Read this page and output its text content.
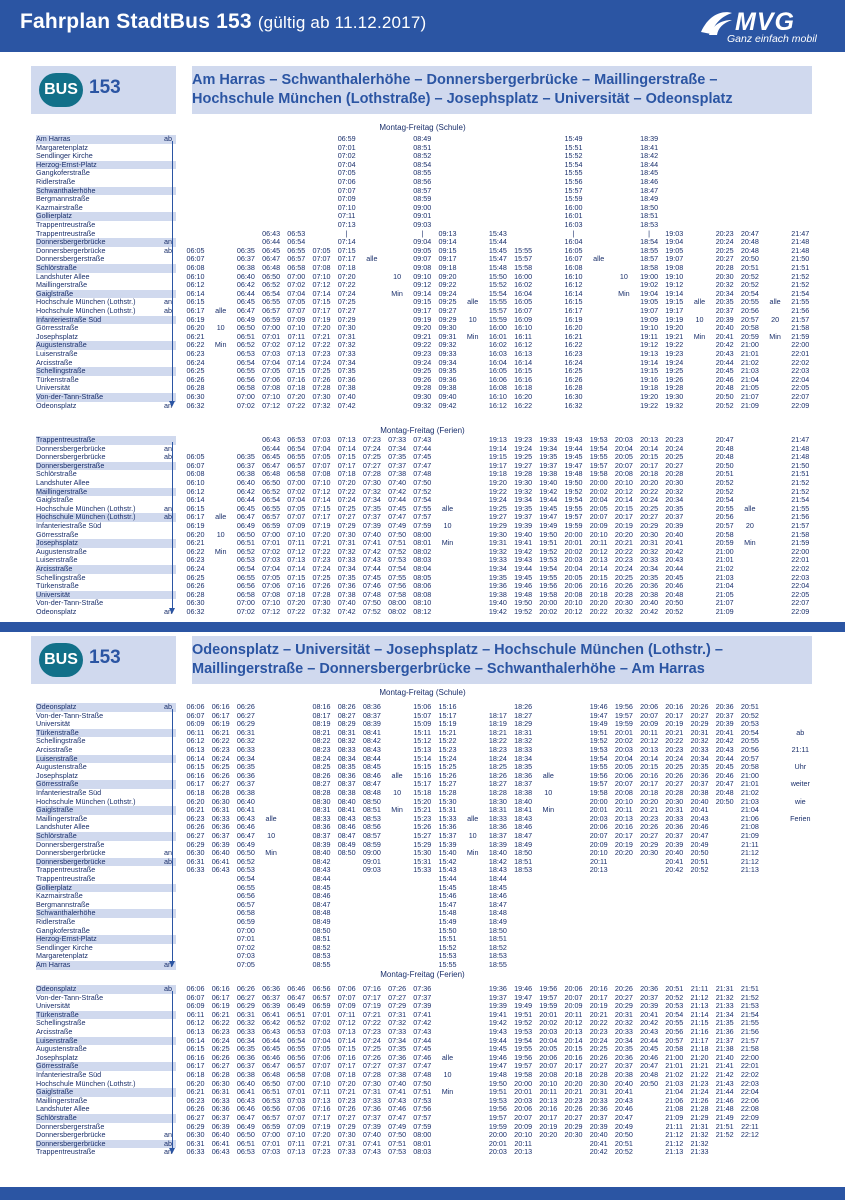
Fahrplan StadtBus 153 (gültig ab 11.12.2017)	MVG
Ganz einfach mobil
BUS 153	Am Harras – Schwanthalerhöhe – Donnersbergerbrücke – Maillingerstraße –
Hochschule München (Lothstraße) – Josephsplatz – Universität – Odeonsplatz
Montag-Freitag (Schule)
Am Harras	ab	06:59	08:49	15:49	18:39
Margaretenplatz	07:01	08:51	15:51	18:41
Sendlinger Kirche	07:02	08:52	15:52	18:42
Herzog-Ernst-Platz	07:04	08:54	15:54	18:44
Gangkoferstraße	07:05	08:55	15:55	18:45
Ridlerstraße	07:06	08:56	15:56	18:46
Schwanthalerhöhe	07:07	08:57	15:57	18:47
Bergmannstraße	07:09	08:59	15:59	18:49
Kazmairstraße	07:10	09:00	16:00	18:50
Gollierplatz	07:11	09:01	16:01	18:51
Trappentreustraße	07:13	09:03	16:03	18:53
Trappentreustraße	06:43	06:53	|	|	09:13	15:43	|	|	19:03	20:23	20:47	21:47
Donnersbergerbrücke	an	06:44	06:54	07:14	09:04	09:14	15:44	16:04	18:54	19:04	20:24	20:48	21:48
Donnersbergerbrücke	ab	06:05	06:35	06:45	06:55	07:05 07:15	09:05	09:15	15:45	15:55	16:05	18:55	19:05	20:25	20:48	21:48
Donnersbergerstraße	06:07	06:37	06:47	06:57	07:07 07:17	alle	09:07	09:17	15:47	15:57	16:07	alle	18:57	19:07	20:27	20:50	21:50
Schlörstraße	06:08	06:38	06:48	06:58	07:08 07:18	09:08	09:18	15:48	15:58	16:08	18:58	19:08	20:28	20:51	21:51
Landshuter Allee	06:10	06:40	06:50	07:00	07:10 07:20	10	09:10	09:20	15:50	16:00	16:10	10	19:00	19:10	20:30	20:52	21:52
Maillingerstraße	06:12	06:42	06:52	07:02	07:12 07:22	09:12	09:22	15:52	16:02	16:12	19:02	19:12	20:32	20:52	21:52
Gaiglstraße	06:14	06:44	06:54	07:04	07:14 07:24	Min	09:14	09:24	15:54	16:04	16:14	Min	19:04	19:14	20:34	20:54	21:54
Hochschule München (Lothstr.)	an	06:15	06:45	06:55	07:05	07:15 07:25	09:15	09:25	alle	15:55	16:05	16:15	19:05	19:15	alle	20:35	20:55	alle	21:55
Hochschule München (Lothstr.)	ab	06:17	alle	06:47	06:57	07:07	07:17 07:27	09:17	09:27	15:57	16:07	16:17	19:07	19:17	20:37	20:56	21:56
Infanteriestraße Süd	06:19	06:49	06:59	07:09	07:19 07:29	09:19	09:29	10	15:59	16:09	16:19	19:09	19:19	10	20:39	20:57	20	21:57
Görresstraße	06:20	10	06:50	07:00	07:10	07:20 07:30	09:20	09:30	16:00	16:10	16:20	19:10	19:20	20:40	20:58	21:58
Josephsplatz	06:21	06:51	07:01	07:11	07:21 07:31	09:21	09:31	Min	16:01	16:11	16:21	19:11	19:21	Min	20:41	20:59	Min	21:59
Augustenstraße	06:22	Min	06:52	07:02	07:12	07:22 07:32	09:22	09:32	16:02	16:12	16:22	19:12	19:22	20:42	21:00	22:00
Luisenstraße	06:23	06:53	07:03	07:13	07:23 07:33	09:23	09:33	16:03	16:13	16:23	19:13	19:23	20:43	21:01	22:01
Arcisstraße	06:24	06:54	07:04	07:14	07:24 07:34	09:24	09:34	16:04	16:14	16:24	19:14	19:24	20:44	21:02	22:02
Schellingstraße	06:25	06:55	07:05	07:15	07:25 07:35	09:25	09:35	16:05	16:15	16:25	19:15	19:25	20:45	21:03	22:03
Türkenstraße	06:26	06:56	07:06	07:16	07:26 07:36	09:26	09:36	16:06	16:16	16:26	19:16	19:26	20:46	21:04	22:04
Universität	06:28	06:58	07:08	07:18	07:28 07:38	09:28	09:38	16:08	16:18	16:28	19:18	19:28	20:48	21:05	22:05
Von-der-Tann-Straße	06:30	07:00	07:10	07:20	07:30 07:40	09:30	09:40	16:10	16:20	16:30	19:20	19:30	20:50	21:07	22:07
Odeonsplatz	an	06:32	07:02	07:12	07:22	07:32 07:42	09:32	09:42	16:12	16:22	16:32	19:22	19:32	20:52	21:09	22:09
Montag-Freitag (Ferien)
Trappentreustraße	06:43	06:53	07:03 07:13	07:23	07:33	07:43	19:13	19:23	19:33	19:43 19:53	20:03	20:13	20:23	20:47	21:47
Donnersbergerbrücke	an	06:44	06:54	07:04 07:14	07:24	07:34	07:44	19:14	19:24	19:34	19:44 19:54	20:04	20:14	20:24	20:48	21:48
Donnersbergerbrücke	ab	06:05	06:35	06:45	06:55	07:05 07:15	07:25	07:35	07:45	19:15	19:25	19:35	19:45 19:55	20:05	20:15	20:25	20:48	21:48
Donnersbergerstraße	06:07	06:37	06:47	06:57	07:07 07:17	07:27	07:37	07:47	19:17	19:27	19:37	19:47 19:57	20:07	20:17	20:27	20:50	21:50
Schlörstraße	06:08	06:38	06:48	06:58	07:08 07:18	07:28	07:38	07:48	19:18	19:28	19:38	19:48 19:58	20:08	20:18	20:28	20:51	21:51
Landshuter Allee	06:10	06:40	06:50	07:00	07:10 07:20	07:30	07:40	07:50	19:20	19:30	19:40	19:50 20:00	20:10	20:20	20:30	20:52	21:52
Maillingerstraße	06:12	06:42	06:52	07:02	07:12 07:22	07:32	07:42	07:52	19:22	19:32	19:42	19:52 20:02	20:12	20:22	20:32	20:52	21:52
Gaiglstraße	06:14	06:44	06:54	07:04	07:14 07:24	07:34	07:44	07:54	19:24	19:34	19:44	19:54 20:04	20:14	20:24	20:34	20:54	21:54
Hochschule München (Lothstr.)	an	06:15	06:45	06:55	07:05	07:15 07:25	07:35	07:45	07:55	alle	19:25	19:35	19:45	19:55 20:05	20:15	20:25	20:35	20:55	alle	21:55
Hochschule München (Lothstr.)	ab	06:17	alle	06:47	06:57	07:07	07:17 07:27	07:37	07:47	07:57	19:27	19:37	19:47	19:57 20:07	20:17	20:27	20:37	20:56	21:56
Infanteriestraße Süd	06:19	06:49	06:59	07:09	07:19 07:29	07:39	07:49	07:59	10	19:29	19:39	19:49	19:59 20:09	20:19	20:29	20:39	20:57	20	21:57
Görresstraße	06:20	10	06:50	07:00	07:10	07:20 07:30	07:40	07:50	08:00	19:30	19:40	19:50	20:00 20:10	20:20	20:30	20:40	20:58	21:58
Josephsplatz	06:21	06:51	07:01	07:11	07:21 07:31	07:41	07:51	08:01	Min	19:31	19:41	19:51	20:01	20:11	20:21	20:31	20:41	20:59	Min	21:59
Augustenstraße	06:22	Min	06:52	07:02	07:12	07:22 07:32	07:42	07:52	08:02	19:32	19:42	19:52	20:02 20:12	20:22	20:32	20:42	21:00	22:00
Luisenstraße	06:23	06:53	07:03	07:13	07:23 07:33	07:43	07:53	08:03	19:33	19:43	19:53	20:03 20:13	20:23	20:33	20:43	21:01	22:01
Arcisstraße	06:24	06:54	07:04	07:14	07:24 07:34	07:44	07:54	08:04	19:34	19:44	19:54	20:04 20:14	20:24	20:34	20:44	21:02	22:02
Schellingstraße	06:25	06:55	07:05	07:15	07:25 07:35	07:45	07:55	08:05	19:35	19:45	19:55	20:05 20:15	20:25	20:35	20:45	21:03	22:03
Türkenstraße	06:26	06:56	07:06	07:16	07:26 07:36	07:46	07:56	08:06	19:36	19:46	19:56	20:06 20:16	20:26	20:36	20:46	21:04	22:04
Universität	06:28	06:58	07:08	07:18	07:28 07:38	07:48	07:58	08:08	19:38	19:48	19:58	20:08 20:18	20:28	20:38	20:48	21:05	22:05
Von-der-Tann-Straße	06:30	07:00	07:10	07:20	07:30 07:40	07:50	08:00	08:10	19:40	19:50	20:00	20:10 20:20	20:30	20:40	20:50	21:07	22:07
Odeonsplatz	an	06:32	07:02	07:12	07:22	07:32 07:42	07:52	08:02	08:12	19:42	19:52	20:02	20:12 20:22	20:32	20:42	20:52	21:09	22:09
BUS 153	Odeonsplatz – Universität – Josephsplatz – Hochschule München (Lothstr.) –
Maillingerstraße – Donnersbergerbrücke – Schwanthalerhöhe – Am Harras
Montag-Freitag (Schule)
Odeonsplatz	ab	06:06 06:16	06:26	08:16 08:26	08:36	15:06	15:16	18:26	19:46	19:56	20:06	20:16	20:26 20:36	20:51
Von-der-Tann-Straße	06:07 06:17	06:27	08:17 08:27	08:37	15:07	15:17	18:17	18:27	19:47	19:57	20:07	20:17	20:27 20:37	20:52
Universität	06:09 06:19	06:29	08:19 08:29	08:39	15:09	15:19	18:19	18:29	19:49	19:59	20:09	20:19	20:29 20:39	20:53
Türkenstraße	06:11	06:21	06:31	08:21 08:31	08:41	15:11	15:21	18:21	18:31	19:51	20:01	20:11	20:21	20:31 20:41	20:54	ab
Schellingstraße	06:12 06:22	06:32	08:22 08:32	08:42	15:12	15:22	18:22	18:32	19:52	20:02	20:12	20:22	20:32 20:42	20:55
Arcisstraße	06:13 06:23	06:33	08:23 08:33	08:43	15:13	15:23	18:23	18:33	19:53	20:03	20:13	20:23	20:33 20:43	20:56	21:11
Luisenstraße	06:14 06:24	06:34	08:24 08:34	08:44	15:14	15:24	18:24	18:34	19:54	20:04	20:14	20:24	20:34 20:44	20:57
Augustenstraße	06:15 06:25	06:35	08:25 08:35	08:45	15:15	15:25	18:25	18:35	19:55	20:05	20:15	20:25	20:35 20:45	20:58	Uhr
Josephsplatz	06:16 06:26	06:36	08:26 08:36	08:46	alle	15:16	15:26	18:26	18:36	alle	19:56	20:06	20:16	20:26	20:36 20:46	21:00
Görresstraße	06:17 06:27	06:37	08:27 08:37	08:47	15:17	15:27	18:27	18:37	19:57	20:07	20:17	20:27	20:37 20:47	21:01	weiter
Infanteriestraße Süd	06:18 06:28	06:38	08:28 08:38	08:48	10	15:18	15:28	18:28	18:38	10	19:58	20:08	20:18	20:28	20:38 20:48	21:02
Hochschule München (Lothstr.)	06:20 06:30	06:40	08:30 08:40	08:50	15:20	15:30	18:30	18:40	20:00	20:10	20:20	20:30	20:40 20:50	21:03	wie
Gaiglstraße	06:21 06:31	06:41	08:31 08:41	08:51	Min	15:21	15:31	18:31	18:41	Min	20:01	20:11	20:21	20:31	20:41	21:04
Maillingerstraße	06:23 06:33	06:43	alle	08:33 08:43	08:53	15:23	15:33	alle	18:33	18:43	20:03	20:13	20:23	20:33	20:43	21:06	Ferien
Landshuter Allee	06:26 06:36	06:46	08:36 08:46	08:56	15:26	15:36	18:36	18:46	20:06	20:16	20:26	20:36	20:46	21:08
Schlörstraße	06:27 06:37	06:47	10	08:37 08:47	08:57	15:27	15:37	10	18:37	18:47	20:07	20:17	20:27	20:37	20:47	21:09
Donnersbergerstraße	06:29 06:39	06:49	08:39 08:49	08:59	15:29	15:39	18:39	18:49	20:09	20:19	20:29	20:39	20:49	21:11
Donnersbergerbrücke	an	06:30 06:40	06:50	Min	08:40 08:50	09:00	15:30	15:40	Min	18:40	18:50	20:10	20:20	20:30	20:40	20:50	21:12
Donnersbergerbrücke	ab	06:31 06:41	06:52	08:42	09:01	15:31	15:42	18:42	18:51	20:11	20:41	20:51	21:12
Trappentreustraße	06:33 06:43	06:53	08:43	09:03	15:33	15:43	18:43	18:53	20:13	20:42	20:52	21:13
Trappentreustraße	06:54	08:44	15:44	18:44
Gollierplatz	06:55	08:45	15:45	18:45
Kazmairstraße	06:56	08:46	15:46	18:46
Bergmannstraße	06:57	08:47	15:47	18:47
Schwanthalerhöhe	06:58	08:48	15:48	18:48
Ridlerstraße	06:59	08:49	15:49	18:49
Gangkoferstraße	07:00	08:50	15:50	18:50
Herzog-Ernst-Platz	07:01	08:51	15:51	18:51
Sendlinger Kirche	07:02	08:52	15:52	18:52
Margaretenplatz	07:03	08:53	15:53	18:53
Am Harras	an	07:05	08:55	15:55	18:55
Montag-Freitag (Ferien)
Odeonsplatz	ab	06:06 06:16	06:26	06:36	06:46	06:56 07:06	07:16	07:26	07:36	19:36	19:46	19:56	20:06 20:16	20:26	20:36	20:51	21:11	21:31	21:51
Von-der-Tann-Straße	06:07 06:17	06:27	06:37	06:47	06:57 07:07	07:17	07:27	07:37	19:37	19:47	19:57	20:07 20:17	20:27	20:37	20:52	21:12 21:32	21:52
Universität	06:09 06:19	06:29	06:39	06:49	06:59 07:09	07:19	07:29	07:39	19:39	19:49	19:59	20:09 20:19	20:29	20:39	20:53	21:13 21:33	21:53
Türkenstraße	06:11	06:21	06:31	06:41	06:51	07:01	07:11	07:21	07:31	07:41	19:41	19:51	20:01	20:11	20:21	20:31	20:41	20:54	21:14 21:34	21:54
Schellingstraße	06:12 06:22	06:32	06:42	06:52	07:02 07:12	07:22	07:32	07:42	19:42	19:52	20:02	20:12 20:22	20:32	20:42	20:55	21:15 21:35	21:55
Arcisstraße	06:13 06:23	06:33	06:43	06:53	07:03 07:13	07:23	07:33	07:43	19:43	19:53	20:03	20:13 20:23	20:33	20:43	20:56	21:16 21:36	21:56
Luisenstraße	06:14 06:24	06:34	06:44	06:54	07:04 07:14	07:24	07:34	07:44	19:44	19:54	20:04	20:14 20:24	20:34	20:44	20:57	21:17 21:37	21:57
Augustenstraße	06:15 06:25	06:35	06:45	06:55	07:05 07:15	07:25	07:35	07:45	19:45	19:55	20:05	20:15 20:25	20:35	20:45	20:58	21:18 21:38	21:58
Josephsplatz	06:16 06:26	06:36	06:46	06:56	07:06 07:16	07:26	07:36	07:46	alle	19:46	19:56	20:06	20:16 20:26	20:36	20:46	21:00	21:20 21:40	22:00
Görresstraße	06:17 06:27	06:37	06:47	06:57	07:07 07:17	07:27	07:37	07:47	19:47	19:57	20:07	20:17 20:27	20:37	20:47	21:01	21:21 21:41	22:01
Infanteriestraße Süd	06:18 06:28	06:38	06:48	06:58	07:08 07:18	07:28	07:38	07:48	10	19:48	19:58	20:08	20:18 20:28	20:38	20:48	21:02	21:22 21:42	22:02
Hochschule München (Lothstr.)	06:20 06:30	06:40	06:50	07:00	07:10 07:20	07:30	07:40	07:50	19:50	20:00	20:10	20:20 20:30	20:40	20:50	21:03	21:23 21:43	22:03
Gaiglstraße	06:21 06:31	06:41	06:51	07:01	07:11	07:21	07:31	07:41	07:51	Min	19:51	20:01	20:11	20:21 20:31	20:41	21:04	21:24 21:44	22:04
Maillingerstraße	06:23 06:33	06:43	06:53	07:03	07:13 07:23	07:33	07:43	07:53	19:53	20:03	20:13	20:23 20:33	20:43	21:06	21:26 21:46	22:06
Landshuter Allee	06:26 06:36	06:46	06:56	07:06	07:16 07:26	07:36	07:46	07:56	19:56	20:06	20:16	20:26 20:36	20:46	21:08	21:28 21:48	22:08
Schlörstraße	06:27 06:37	06:47	06:57	07:07	07:17 07:27	07:37	07:47	07:57	19:57	20:07	20:17	20:27 20:37	20:47	21:09	21:29 21:49	22:09
Donnersbergerstraße	06:29 06:39	06:49	06:59	07:09	07:19 07:29	07:39	07:49	07:59	19:59	20:09	20:19	20:29 20:39	20:49	21:11	21:31 21:51	22:11
Donnersbergerbrücke	an	06:30 06:40	06:50	07:00	07:10	07:20 07:30	07:40	07:50	08:00	20:00	20:10	20:20	20:30 20:40	20:50	21:12	21:32 21:52	22:12
Donnersbergerbrücke	ab	06:31 06:41	06:51	07:01	07:11	07:21 07:31	07:41	07:51	08:01	20:01	20:11	20:41	20:51	21:12	21:32
Trappentreustraße	an	06:33 06:43	06:53	07:03	07:13	07:23 07:33	07:43	07:53	08:03	20:03	20:13	20:42	20:52	21:13	21:33
